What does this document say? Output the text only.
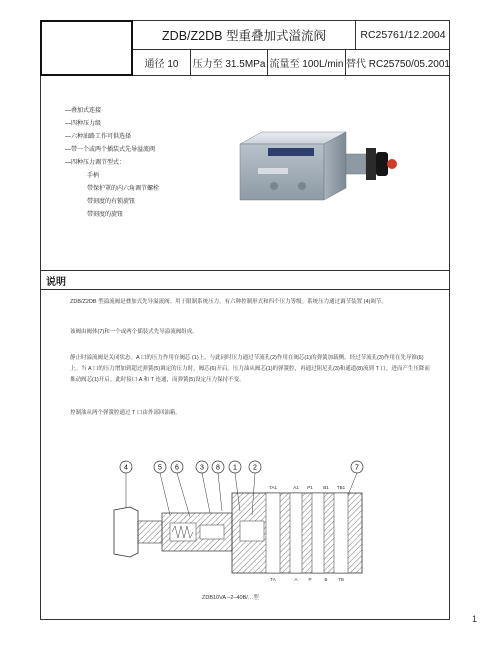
ZDB/Z2DB 型重叠加式溢流阀	RC25761/12.2004
通径 10	压力至 31.5MPa 流量至 100L/min 替代 RC25750/05.2001
—叠加式连接
—四种压力级
—六种油路工作可供选择
—带一个或两个插装式先导溢流阀
—四种压力调节型式：
手柄
带保护罩的内六角调节螺栓
带刻度的有锁旋钮
带刻度的旋钮
说明
ZDB/Z2DB 型溢流阀是叠加式先导溢流阀。用于限制系统压力。有六种控制形式和四个压力等级。系统压力通过调节装置 (4)调节。
该阀由阀体(7)和一个或两个插装式先导溢流阀组成。
静止时溢流阀是关闭状态。A 口的压力作用在阀芯 (1)上。与此同时压力通过节流孔(2)作用在阀芯(1)的弹簧加载侧。经过节流孔(3)作用在先导锥(6)上。当 A 口的压力增加到超过弹簧(5)调定的压力时，阀芯(6)开启。压力油从阀芯(1)的弹簧腔，再通过阻尼孔(3)和通道(8)流到 T 口。进而产生压降而推动阀芯(1)开启。此时接口 A 和 T 连通，而弹簧(5)设定压力保持不变。
控制油从两个弹簧腔通过 T 口由外部回油箱。
4	5 6	3 8 1 2	7
TA1	A1 P1 B1 TB1
TA	A P	B TB
ZDB10VA –2–40B/…型
1
